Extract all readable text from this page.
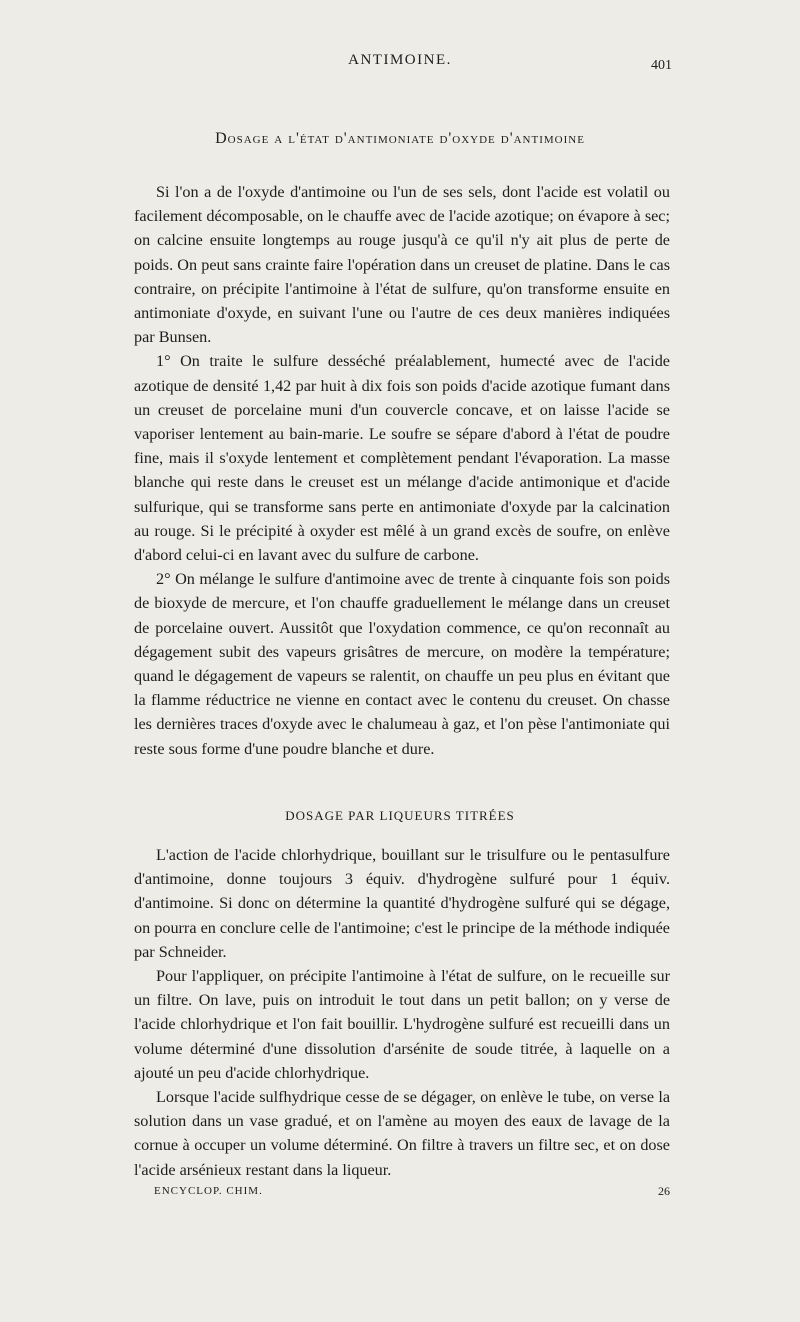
ANTIMOINE.	401
Dosage a l'état d'antimoniate d'oxyde d'antimoine

Si l'on a de l'oxyde d'antimoine ou l'un de ses sels, dont l'acide est volatil ou facilement décomposable, on le chauffe avec de l'acide azotique; on évapore à sec; on calcine ensuite longtemps au rouge jusqu'à ce qu'il n'y ait plus de perte de poids. On peut sans crainte faire l'opération dans un creuset de platine. Dans le cas contraire, on précipite l'antimoine à l'état de sulfure, qu'on transforme ensuite en antimoniate d'oxyde, en suivant l'une ou l'autre de ces deux manières indiquées par Bunsen.

1° On traite le sulfure desséché préalablement, humecté avec de l'acide azotique de densité 1,42 par huit à dix fois son poids d'acide azotique fumant dans un creuset de porcelaine muni d'un couvercle concave, et on laisse l'acide se vaporiser lentement au bain-marie. Le soufre se sépare d'abord à l'état de poudre fine, mais il s'oxyde lentement et complètement pendant l'évaporation. La masse blanche qui reste dans le creuset est un mélange d'acide antimonique et d'acide sulfurique, qui se transforme sans perte en antimoniate d'oxyde par la calcination au rouge. Si le précipité à oxyder est mêlé à un grand excès de soufre, on enlève d'abord celui-ci en lavant avec du sulfure de carbone.

2° On mélange le sulfure d'antimoine avec de trente à cinquante fois son poids de bioxyde de mercure, et l'on chauffe graduellement le mélange dans un creuset de porcelaine ouvert. Aussitôt que l'oxydation commence, ce qu'on reconnaît au dégagement subit des vapeurs grisâtres de mercure, on modère la température; quand le dégagement de vapeurs se ralentit, on chauffe un peu plus en évitant que la flamme réductrice ne vienne en contact avec le contenu du creuset. On chasse les dernières traces d'oxyde avec le chalumeau à gaz, et l'on pèse l'antimoniate qui reste sous forme d'une poudre blanche et dure.

DOSAGE PAR LIQUEURS TITRÉES

L'action de l'acide chlorhydrique, bouillant sur le trisulfure ou le pentasulfure d'antimoine, donne toujours 3 équiv. d'hydrogène sulfuré pour 1 équiv. d'antimoine. Si donc on détermine la quantité d'hydrogène sulfuré qui se dégage, on pourra en conclure celle de l'antimoine; c'est le principe de la méthode indiquée par Schneider.

Pour l'appliquer, on précipite l'antimoine à l'état de sulfure, on le recueille sur un filtre. On lave, puis on introduit le tout dans un petit ballon; on y verse de l'acide chlorhydrique et l'on fait bouillir. L'hydrogène sulfuré est recueilli dans un volume déterminé d'une dissolution d'arsénite de soude titrée, à laquelle on a ajouté un peu d'acide chlorhydrique.

Lorsque l'acide sulfhydrique cesse de se dégager, on enlève le tube, on verse la solution dans un vase gradué, et on l'amène au moyen des eaux de lavage de la cornue à occuper un volume déterminé. On filtre à travers un filtre sec, et on dose l'acide arsénieux restant dans la liqueur.

ENCYCLOP. CHIM.	26
